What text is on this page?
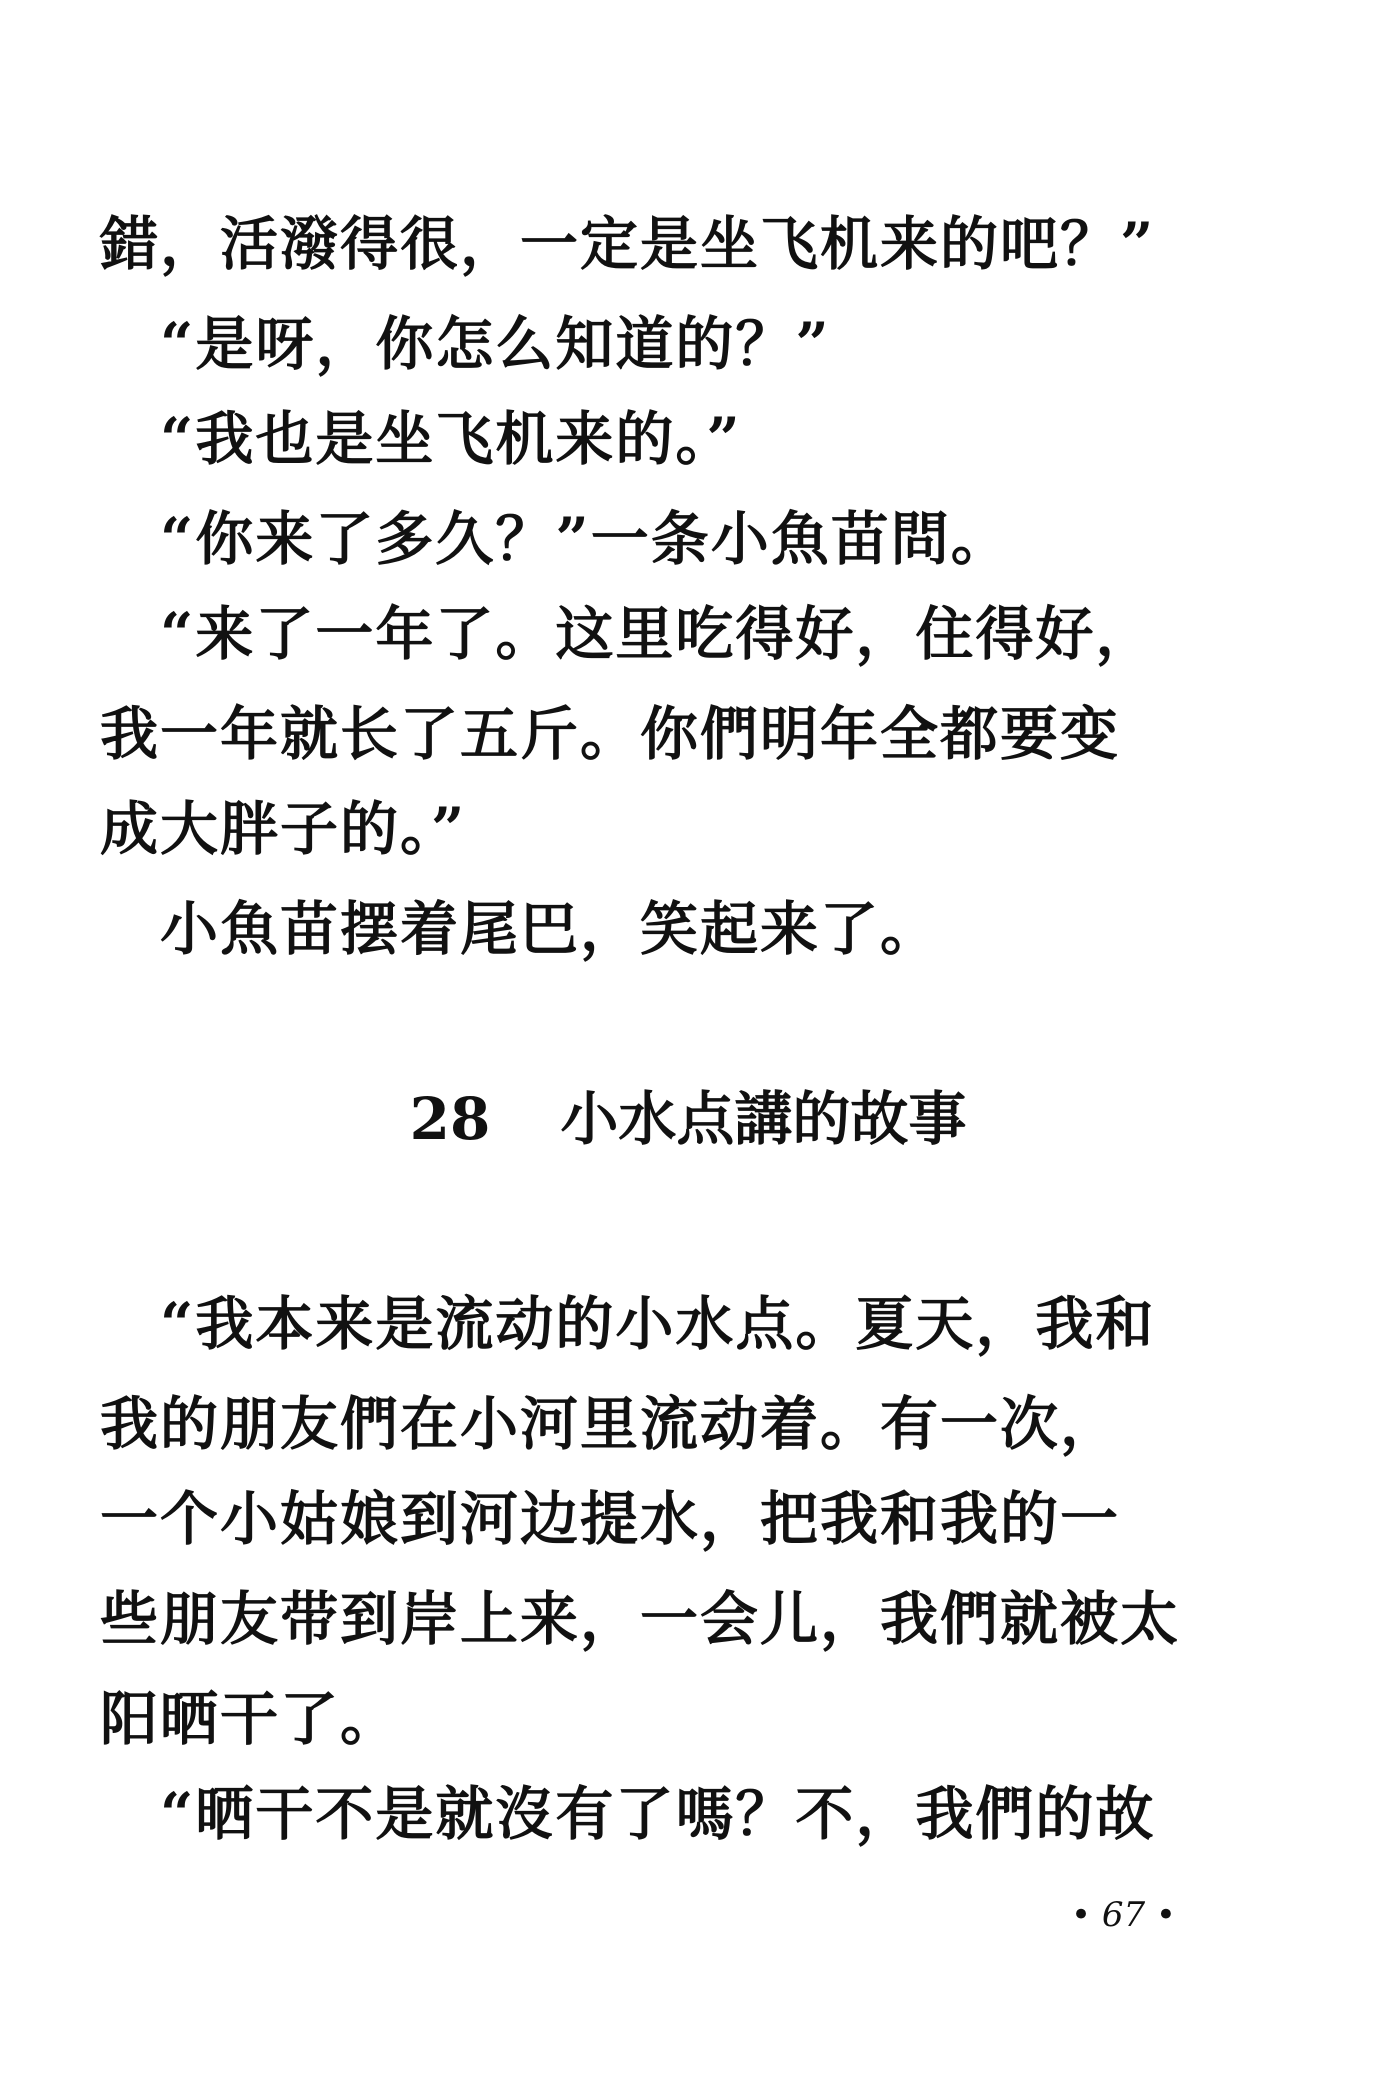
錯，活潑得很，一定是坐飞机来的吧？”
“是呀，你怎么知道的？”
“我也是坐飞机来的。”
“你来了多久？”一条小魚苗問。
“来了一年了。这里吃得好，住得好，
我一年就长了五斤。你們明年全都要变
成大胖子的。”
小魚苗摆着尾巴，笑起来了。
28 小水点講的故事
“我本来是流动的小水点。夏天，我和
我的朋友們在小河里流动着。有一次，
一个小姑娘到河边提水，把我和我的一
些朋友带到岸上来，一会儿，我們就被太
阳晒干了。
“晒干不是就沒有了嗎？不，我們的故
• 67 •
